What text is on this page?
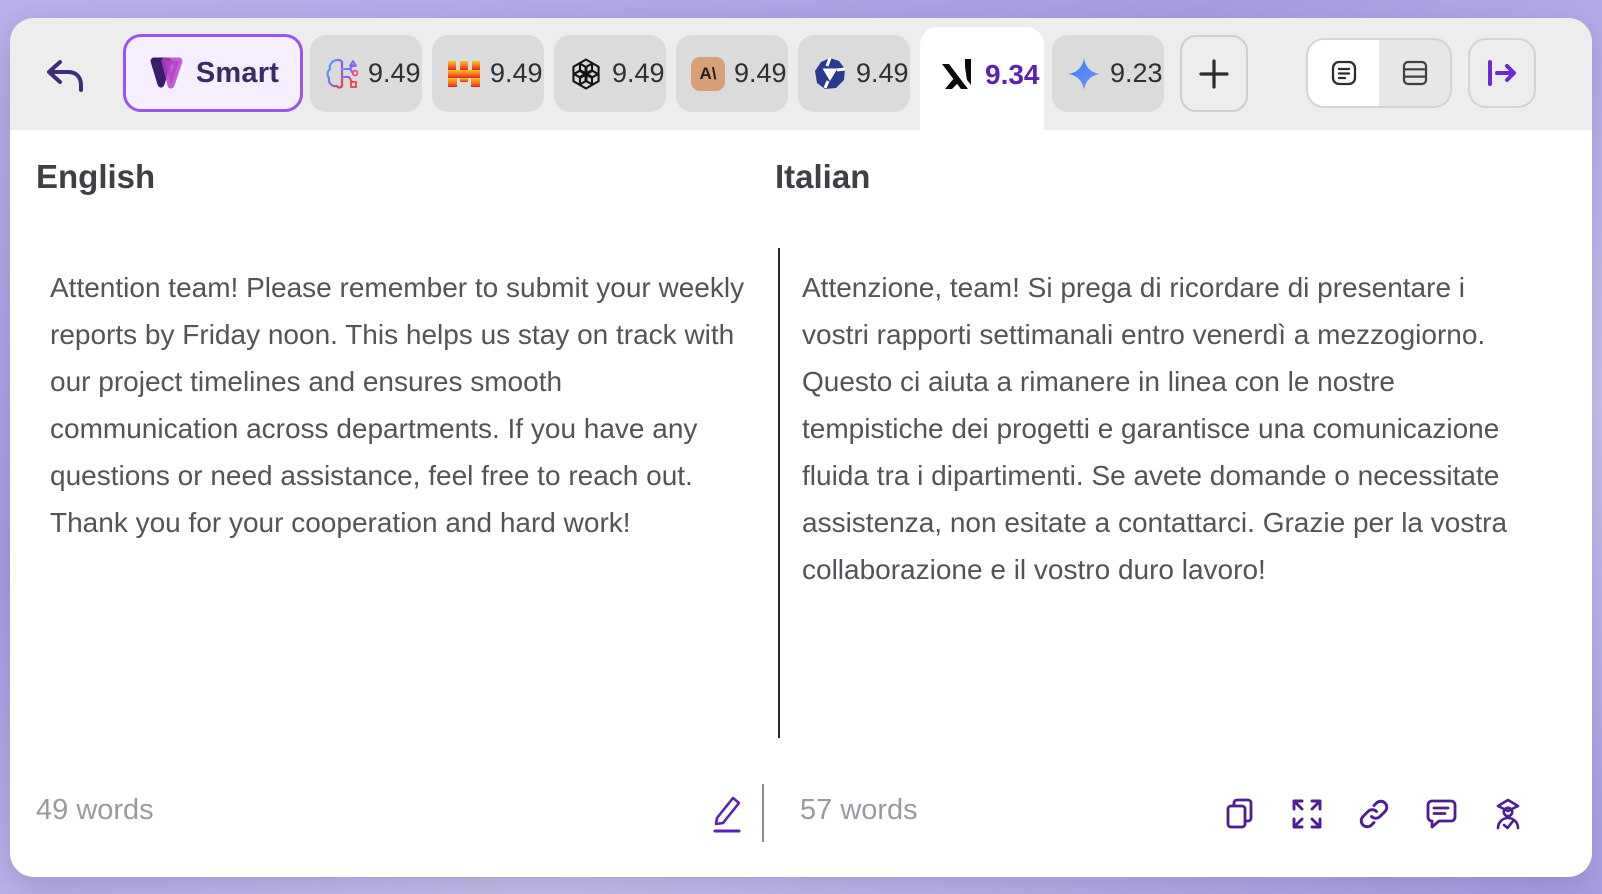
Smart	9.49	9.49	9.49	A\ 9.49	9.49	9.34	9.23
English	Italian
Attention team! Please remember to submit your weekly reports by Friday noon. This helps us stay on track with our project timelines and ensures smooth communication across departments. If you have any questions or need assistance, feel free to reach out. Thank you for your cooperation and hard work!
Attenzione, team! Si prega di ricordare di presentare i vostri rapporti settimanali entro venerdì a mezzogiorno. Questo ci aiuta a rimanere in linea con le nostre tempistiche dei progetti e garantisce una comunicazione fluida tra i dipartimenti. Se avete domande o necessitate assistenza, non esitate a contattarci. Grazie per la vostra collaborazione e il vostro duro lavoro!
49 words	57 words
